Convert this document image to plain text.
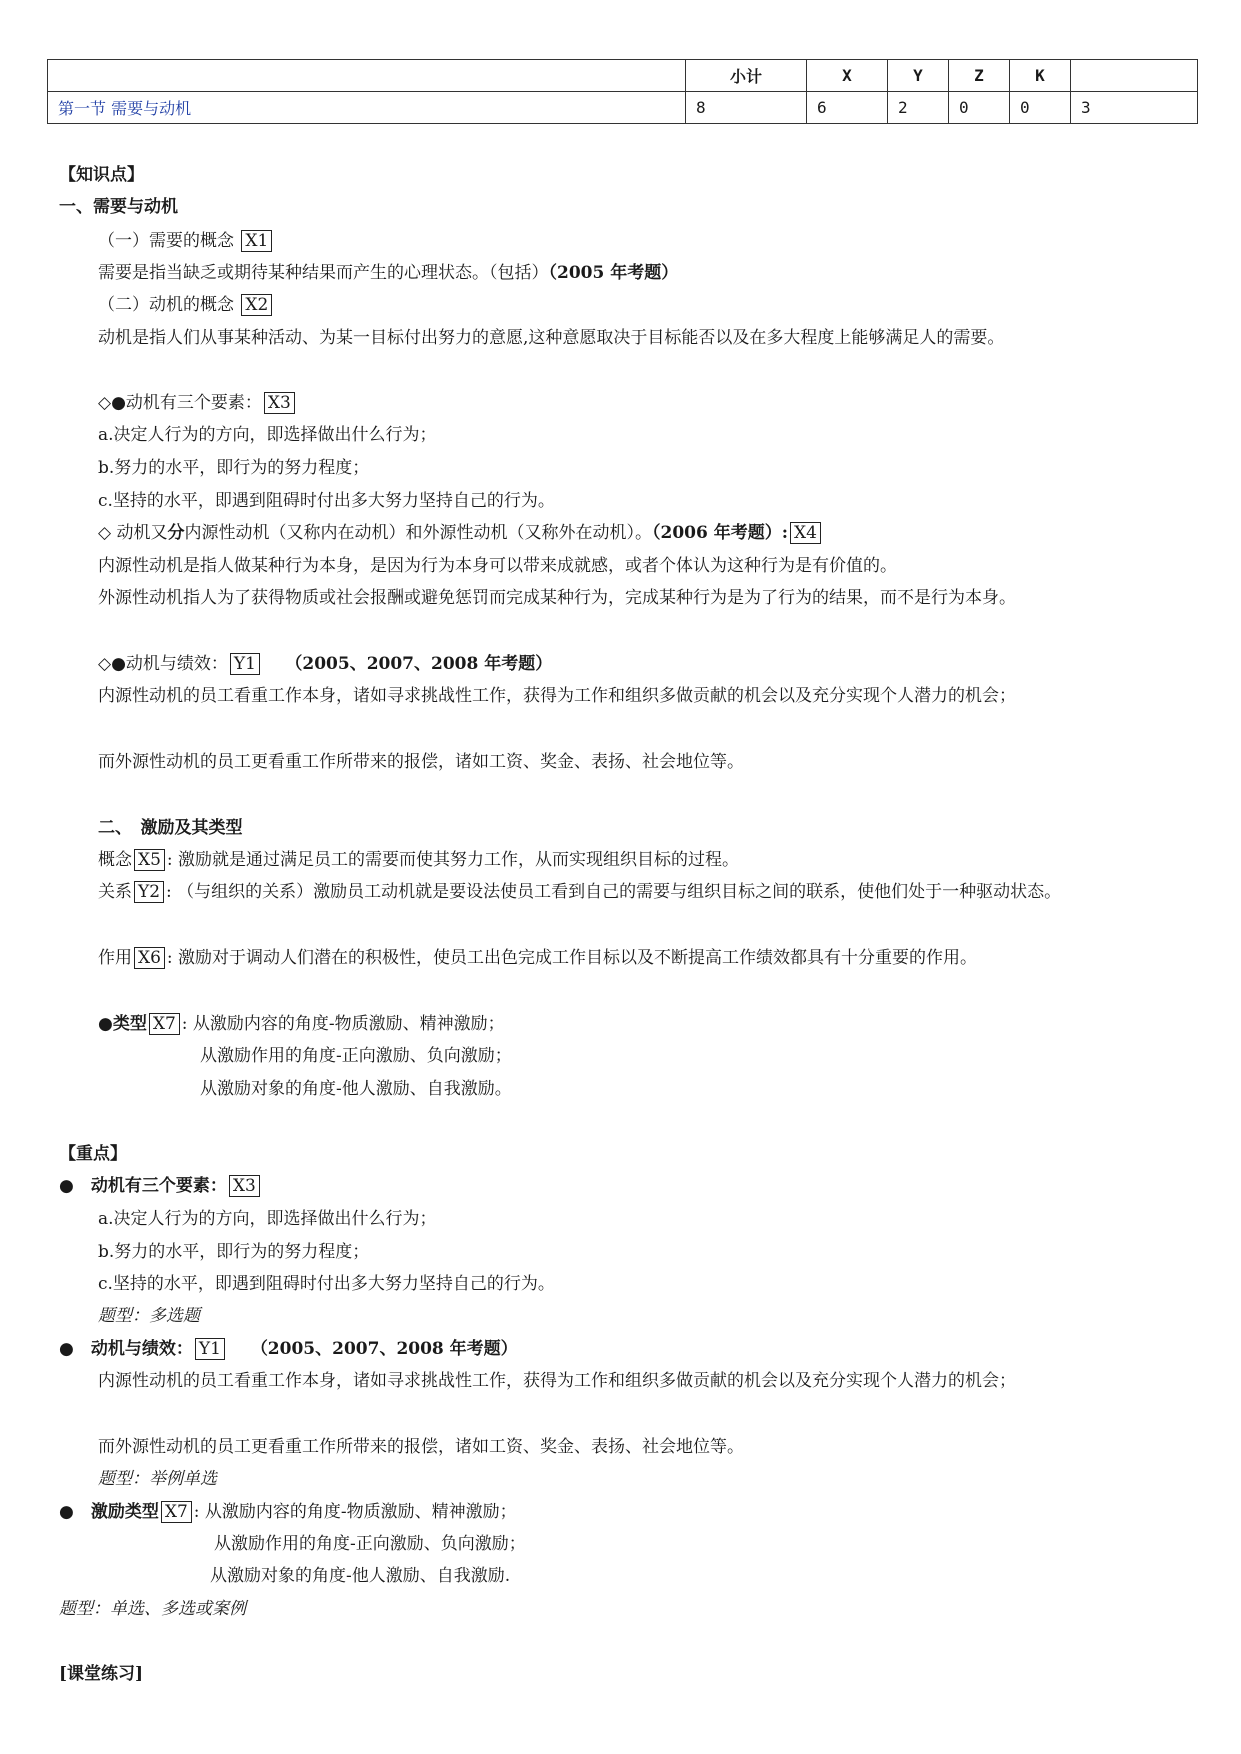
	小计	X	Y	Z	K	
第一节 需要与动机	8	6	2	0	0	3
【知识点】
一、需要与动机
（一）需要的概念 X1
需要是指当缺乏或期待某种结果而产生的心理状态。（包括）（2005 年考题）
（二）动机的概念 X2
动机是指人们从事某种活动、为某一目标付出努力的意愿,这种意愿取决于目标能否以及在多大程度上能够满足人的需要。
◇●动机有三个要素： X3
a.决定人行为的方向，即选择做出什么行为；
b.努力的水平，即行为的努力程度；
c.坚持的水平，即遇到阻碍时付出多大努力坚持自己的行为。
◇ 动机又分内源性动机（又称内在动机）和外源性动机（又称外在动机）。（2006 年考题）: X4
内源性动机是指人做某种行为本身，是因为行为本身可以带来成就感，或者个体认为这种行为是有价值的。
外源性动机指人为了获得物质或社会报酬或避免惩罚而完成某种行为，完成某种行为是为了行为的结果，而不是行为本身。
◇●动机与绩效： Y1 （2005、2007、2008 年考题）
内源性动机的员工看重工作本身，诸如寻求挑战性工作，获得为工作和组织多做贡献的机会以及充分实现个人潜力的机会；
而外源性动机的员工更看重工作所带来的报偿，诸如工资、奖金、表扬、社会地位等。
二、　激励及其类型
概念 X5 : 激励就是通过满足员工的需要而使其努力工作，从而实现组织目标的过程。
关系 Y2 : （与组织的关系）激励员工动机就是要设法使员工看到自己的需要与组织目标之间的联系，使他们处于一种驱动状态。
作用 X6 : 激励对于调动人们潜在的积极性，使员工出色完成工作目标以及不断提高工作绩效都具有十分重要的作用。
●类型 X7 : 从激励内容的角度-物质激励、精神激励；
从激励作用的角度-正向激励、负向激励；
从激励对象的角度-他人激励、自我激励。
【重点】
●　动机有三个要素： X3
a.决定人行为的方向，即选择做出什么行为；
b.努力的水平，即行为的努力程度；
c.坚持的水平，即遇到阻碍时付出多大努力坚持自己的行为。
题型：多选题
●　动机与绩效： Y1 （2005、2007、2008 年考题）
内源性动机的员工看重工作本身，诸如寻求挑战性工作，获得为工作和组织多做贡献的机会以及充分实现个人潜力的机会；
而外源性动机的员工更看重工作所带来的报偿，诸如工资、奖金、表扬、社会地位等。
题型：举例单选
●　激励类型 X7 : 从激励内容的角度-物质激励、精神激励；
从激励作用的角度-正向激励、负向激励；
从激励对象的角度-他人激励、自我激励.
题型：单选、多选或案例
[课堂练习]
